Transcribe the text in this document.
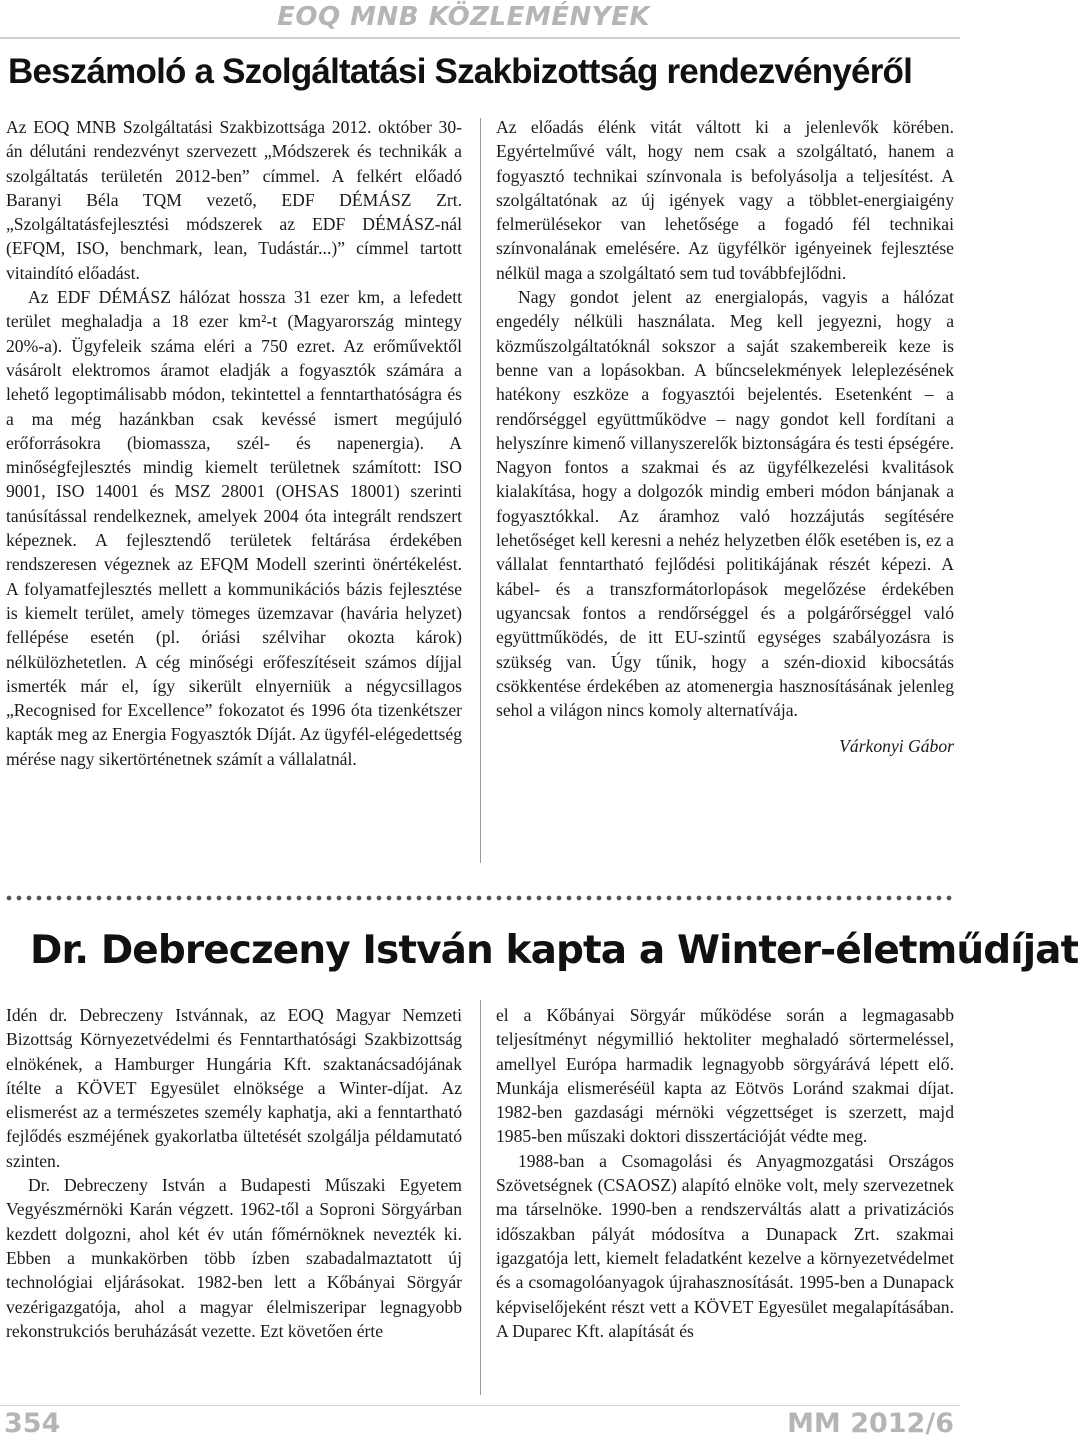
EOQ MNB KÖZLEMÉNYEK
Beszámoló a Szolgáltatási Szakbizottság rendezvényéről

Az EOQ MNB Szolgáltatási Szakbizottsága 2012. október 30-án délutáni rendezvényt szervezett „Módszerek és technikák a szolgáltatás területén 2012-ben” címmel. A felkért előadó Baranyi Béla TQM vezető, EDF DÉMÁSZ Zrt. „Szolgáltatásfejlesztési módszerek az EDF DÉMÁSZ-nál (EFQM, ISO, benchmark, lean, Tudástár...)” címmel tartott vitaindító előadást.

Az EDF DÉMÁSZ hálózat hossza 31 ezer km, a lefedett terület meghaladja a 18 ezer km²-t (Magyarország mintegy 20%-a). Ügyfeleik száma eléri a 750 ezret. Az erőművektől vásárolt elektromos áramot eladják a fogyasztók számára a lehető legoptimálisabb módon, tekintettel a fenntarthatóságra és a ma még hazánkban csak kevéssé ismert megújuló erőforrásokra (biomassza, szél- és napenergia). A minőségfejlesztés mindig kiemelt területnek számított: ISO 9001, ISO 14001 és MSZ 28001 (OHSAS 18001) szerinti tanúsítással rendelkeznek, amelyek 2004 óta integrált rendszert képeznek. A fejlesztendő területek feltárása érdekében rendszeresen végeznek az EFQM Modell szerinti önértékelést. A folyamatfejlesztés mellett a kommunikációs bázis fejlesztése is kiemelt terület, amely tömeges üzemzavar (havária helyzet) fellépése esetén (pl. óriási szélvihar okozta károk) nélkülözhetetlen. A cég minőségi erőfeszítéseit számos díjjal ismerték már el, így sikerült elnyerniük a négycsillagos „Recognised for Excellence” fokozatot és 1996 óta tizenkétszer kapták meg az Energia Fogyasztók Díját. Az ügyfél-elégedettség mérése nagy sikertörténetnek számít a vállalatnál.

Az előadás élénk vitát váltott ki a jelenlevők körében. Egyértelművé vált, hogy nem csak a szolgáltató, hanem a fogyasztó technikai színvonala is befolyásolja a teljesítést. A szolgáltatónak az új igények vagy a többlet-energiaigény felmerülésekor van lehetősége a fogadó fél technikai színvonalának emelésére. Az ügyfélkör igényeinek fejlesztése nélkül maga a szolgáltató sem tud továbbfejlődni.

Nagy gondot jelent az energialopás, vagyis a hálózat engedély nélküli használata. Meg kell jegyezni, hogy a közműszolgáltatóknál sokszor a saját szakembereik keze is benne van a lopásokban. A bűncselekmények leleplezésének hatékony eszköze a fogyasztói bejelentés. Esetenként – a rendőrséggel együttműködve – nagy gondot kell fordítani a helyszínre kimenő villanyszerelők biztonságára és testi épségére. Nagyon fontos a szakmai és az ügyfélkezelési kvalitások kialakítása, hogy a dolgozók mindig emberi módon bánjanak a fogyasztókkal. Az áramhoz való hozzájutás segítésére lehetőséget kell keresni a nehéz helyzetben élők esetében is, ez a vállalat fenntartható fejlődési politikájának részét képezi. A kábel- és a transzformátorlopások megelőzése érdekében ugyancsak fontos a rendőrséggel és a polgárőrséggel való együttműködés, de itt EU-szintű egységes szabályozásra is szükség van. Úgy tűnik, hogy a szén-dioxid kibocsátás csökkentése érdekében az atomenergia hasznosításának jelenleg sehol a világon nincs komoly alternatívája.

Várkonyi Gábor

Dr. Debreczeny István kapta a Winter-életműdíjat

Idén dr. Debreczeny Istvánnak, az EOQ Magyar Nemzeti Bizottság Környezetvédelmi és Fenntarthatósági Szakbizottság elnökének, a Hamburger Hungária Kft. szaktanácsadójának ítélte a KÖVET Egyesület elnöksége a Winter-díjat. Az elismerést az a természetes személy kaphatja, aki a fenntartható fejlődés eszméjének gyakorlatba ültetését szolgálja példamutató szinten.

Dr. Debreczeny István a Budapesti Műszaki Egyetem Vegyészmérnöki Karán végzett. 1962-től a Soproni Sörgyárban kezdett dolgozni, ahol két év után főmérnöknek nevezték ki. Ebben a munkakörben több ízben szabadalmaztatott új technológiai eljárásokat. 1982-ben lett a Kőbányai Sörgyár vezérigazgatója, ahol a magyar élelmiszeripar legnagyobb rekonstrukciós beruházását vezette. Ezt követően érte

el a Kőbányai Sörgyár működése során a legmagasabb teljesítményt négymillió hektoliter meghaladó sörtermeléssel, amellyel Európa harmadik legnagyobb sörgyárává lépett elő. Munkája elismeréséül kapta az Eötvös Loránd szakmai díjat. 1982-ben gazdasági mérnöki végzettséget is szerzett, majd 1985-ben műszaki doktori disszertációját védte meg.

1988-ban a Csomagolási és Anyagmozgatási Országos Szövetségnek (CSAOSZ) alapító elnöke volt, mely szervezetnek ma társelnöke. 1990-ben a rendszerváltás alatt a privatizációs időszakban pályát módosítva a Dunapack Zrt. szakmai igazgatója lett, kiemelt feladatként kezelve a környezetvédelmet és a csomagolóanyagok újrahasznosítását. 1995-ben a Dunapack képviselőjeként részt vett a KÖVET Egyesület megalapításában. A Duparec Kft. alapítását és

354	MM 2012/6
